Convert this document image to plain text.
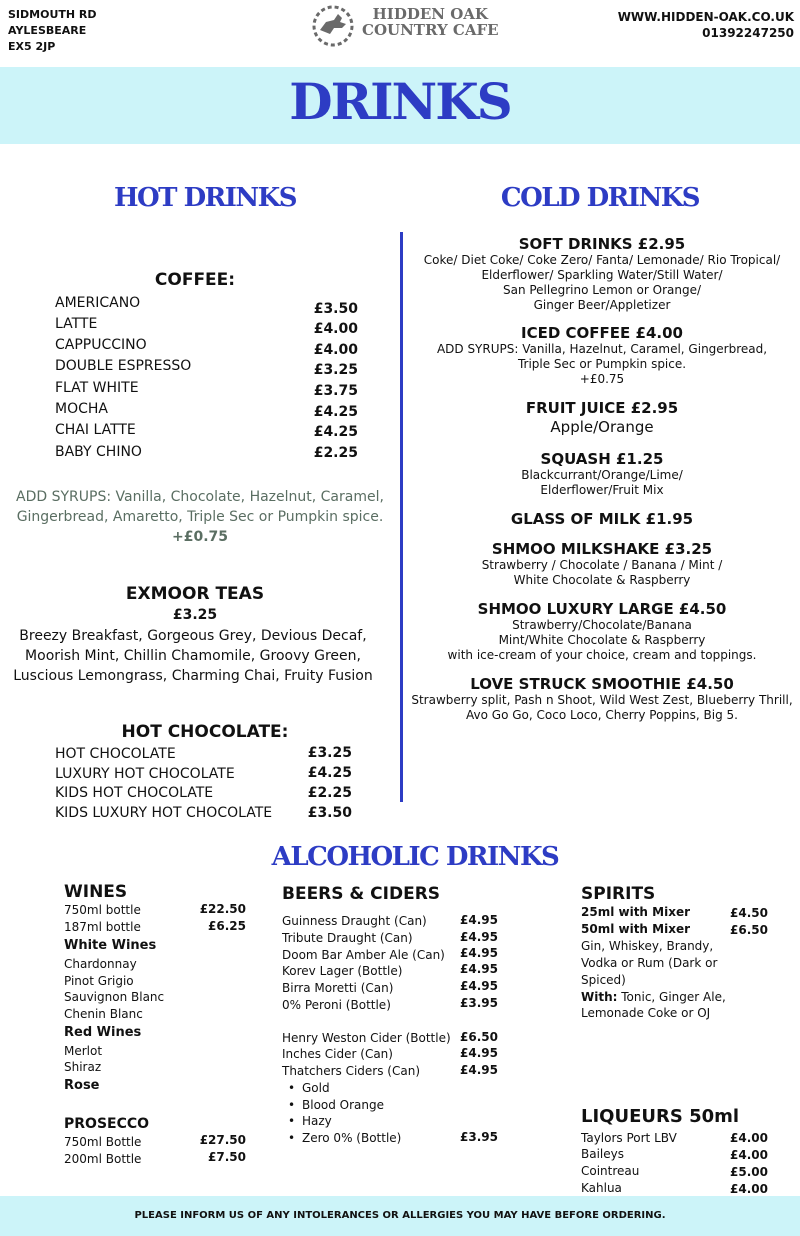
SIDMOUTH RD
AYLESBEARE
EX5 2JP
HIDDEN OAK
COUNTRY CAFE
WWW.HIDDEN-OAK.CO.UK
01392247250
DRINKS
HOT DRINKS
COFFEE:
AMERICANO	£3.50
LATTE	£4.00
CAPPUCCINO	£4.00
DOUBLE ESPRESSO	£3.25
FLAT WHITE	£3.75
MOCHA	£4.25
CHAI LATTE	£4.25
BABY CHINO	£2.25
ADD SYRUPS: Vanilla, Chocolate, Hazelnut, Caramel,
Gingerbread, Amaretto, Triple Sec or Pumpkin spice.
+£0.75
EXMOOR TEAS
£3.25
Breezy Breakfast, Gorgeous Grey, Devious Decaf,
Moorish Mint, Chillin Chamomile, Groovy Green,
Luscious Lemongrass, Charming Chai, Fruity Fusion
HOT CHOCOLATE:
HOT CHOCOLATE	£3.25
LUXURY HOT CHOCOLATE	£4.25
KIDS HOT CHOCOLATE	£2.25
KIDS LUXURY HOT CHOCOLATE	£3.50
COLD DRINKS
SOFT DRINKS £2.95
Coke/ Diet Coke/ Coke Zero/ Fanta/ Lemonade/ Rio Tropical/
Elderflower/ Sparkling Water/Still Water/
San Pellegrino Lemon or Orange/
Ginger Beer/Appletizer
ICED COFFEE £4.00
ADD SYRUPS: Vanilla, Hazelnut, Caramel, Gingerbread,
Triple Sec or Pumpkin spice.
+£0.75
FRUIT JUICE £2.95
Apple/Orange
SQUASH £1.25
Blackcurrant/Orange/Lime/
Elderflower/Fruit Mix
GLASS OF MILK £1.95
SHMOO MILKSHAKE £3.25
Strawberry / Chocolate / Banana / Mint /
White Chocolate & Raspberry
SHMOO LUXURY LARGE £4.50
Strawberry/Chocolate/Banana
Mint/White Chocolate & Raspberry
with ice-cream of your choice, cream and toppings.
LOVE STRUCK SMOOTHIE £4.50
Strawberry split, Pash n Shoot, Wild West Zest, Blueberry Thrill,
Avo Go Go, Coco Loco, Cherry Poppins, Big 5.
ALCOHOLIC DRINKS
WINES
750ml bottle	£22.50
187ml bottle	£6.25
White Wines
Chardonnay
Pinot Grigio
Sauvignon Blanc
Chenin Blanc
Red Wines
Merlot
Shiraz
Rose
PROSECCO
750ml Bottle	£27.50
200ml Bottle	£7.50
BEERS & CIDERS
Guinness Draught (Can)	£4.95
Tribute Draught (Can)	£4.95
Doom Bar Amber Ale (Can)	£4.95
Korev Lager (Bottle)	£4.95
Birra Moretti (Can)	£4.95
0% Peroni (Bottle)	£3.95
Henry Weston Cider (Bottle) £6.50
Inches Cider (Can)	£4.95
Thatchers Ciders (Can)	£4.95
• Gold
• Blood Orange
• Hazy
• Zero 0% (Bottle)	£3.95
SPIRITS
25ml with Mixer	£4.50
50ml with Mixer	£6.50
Gin, Whiskey, Brandy,
Vodka or Rum (Dark or
Spiced)
With: Tonic, Ginger Ale,
Lemonade Coke or OJ
LIQUEURS 50ml
Taylors Port LBV	£4.00
Baileys	£4.00
Cointreau	£5.00
Kahlua	£4.00
PLEASE INFORM US OF ANY INTOLERANCES OR ALLERGIES YOU MAY HAVE BEFORE ORDERING.
